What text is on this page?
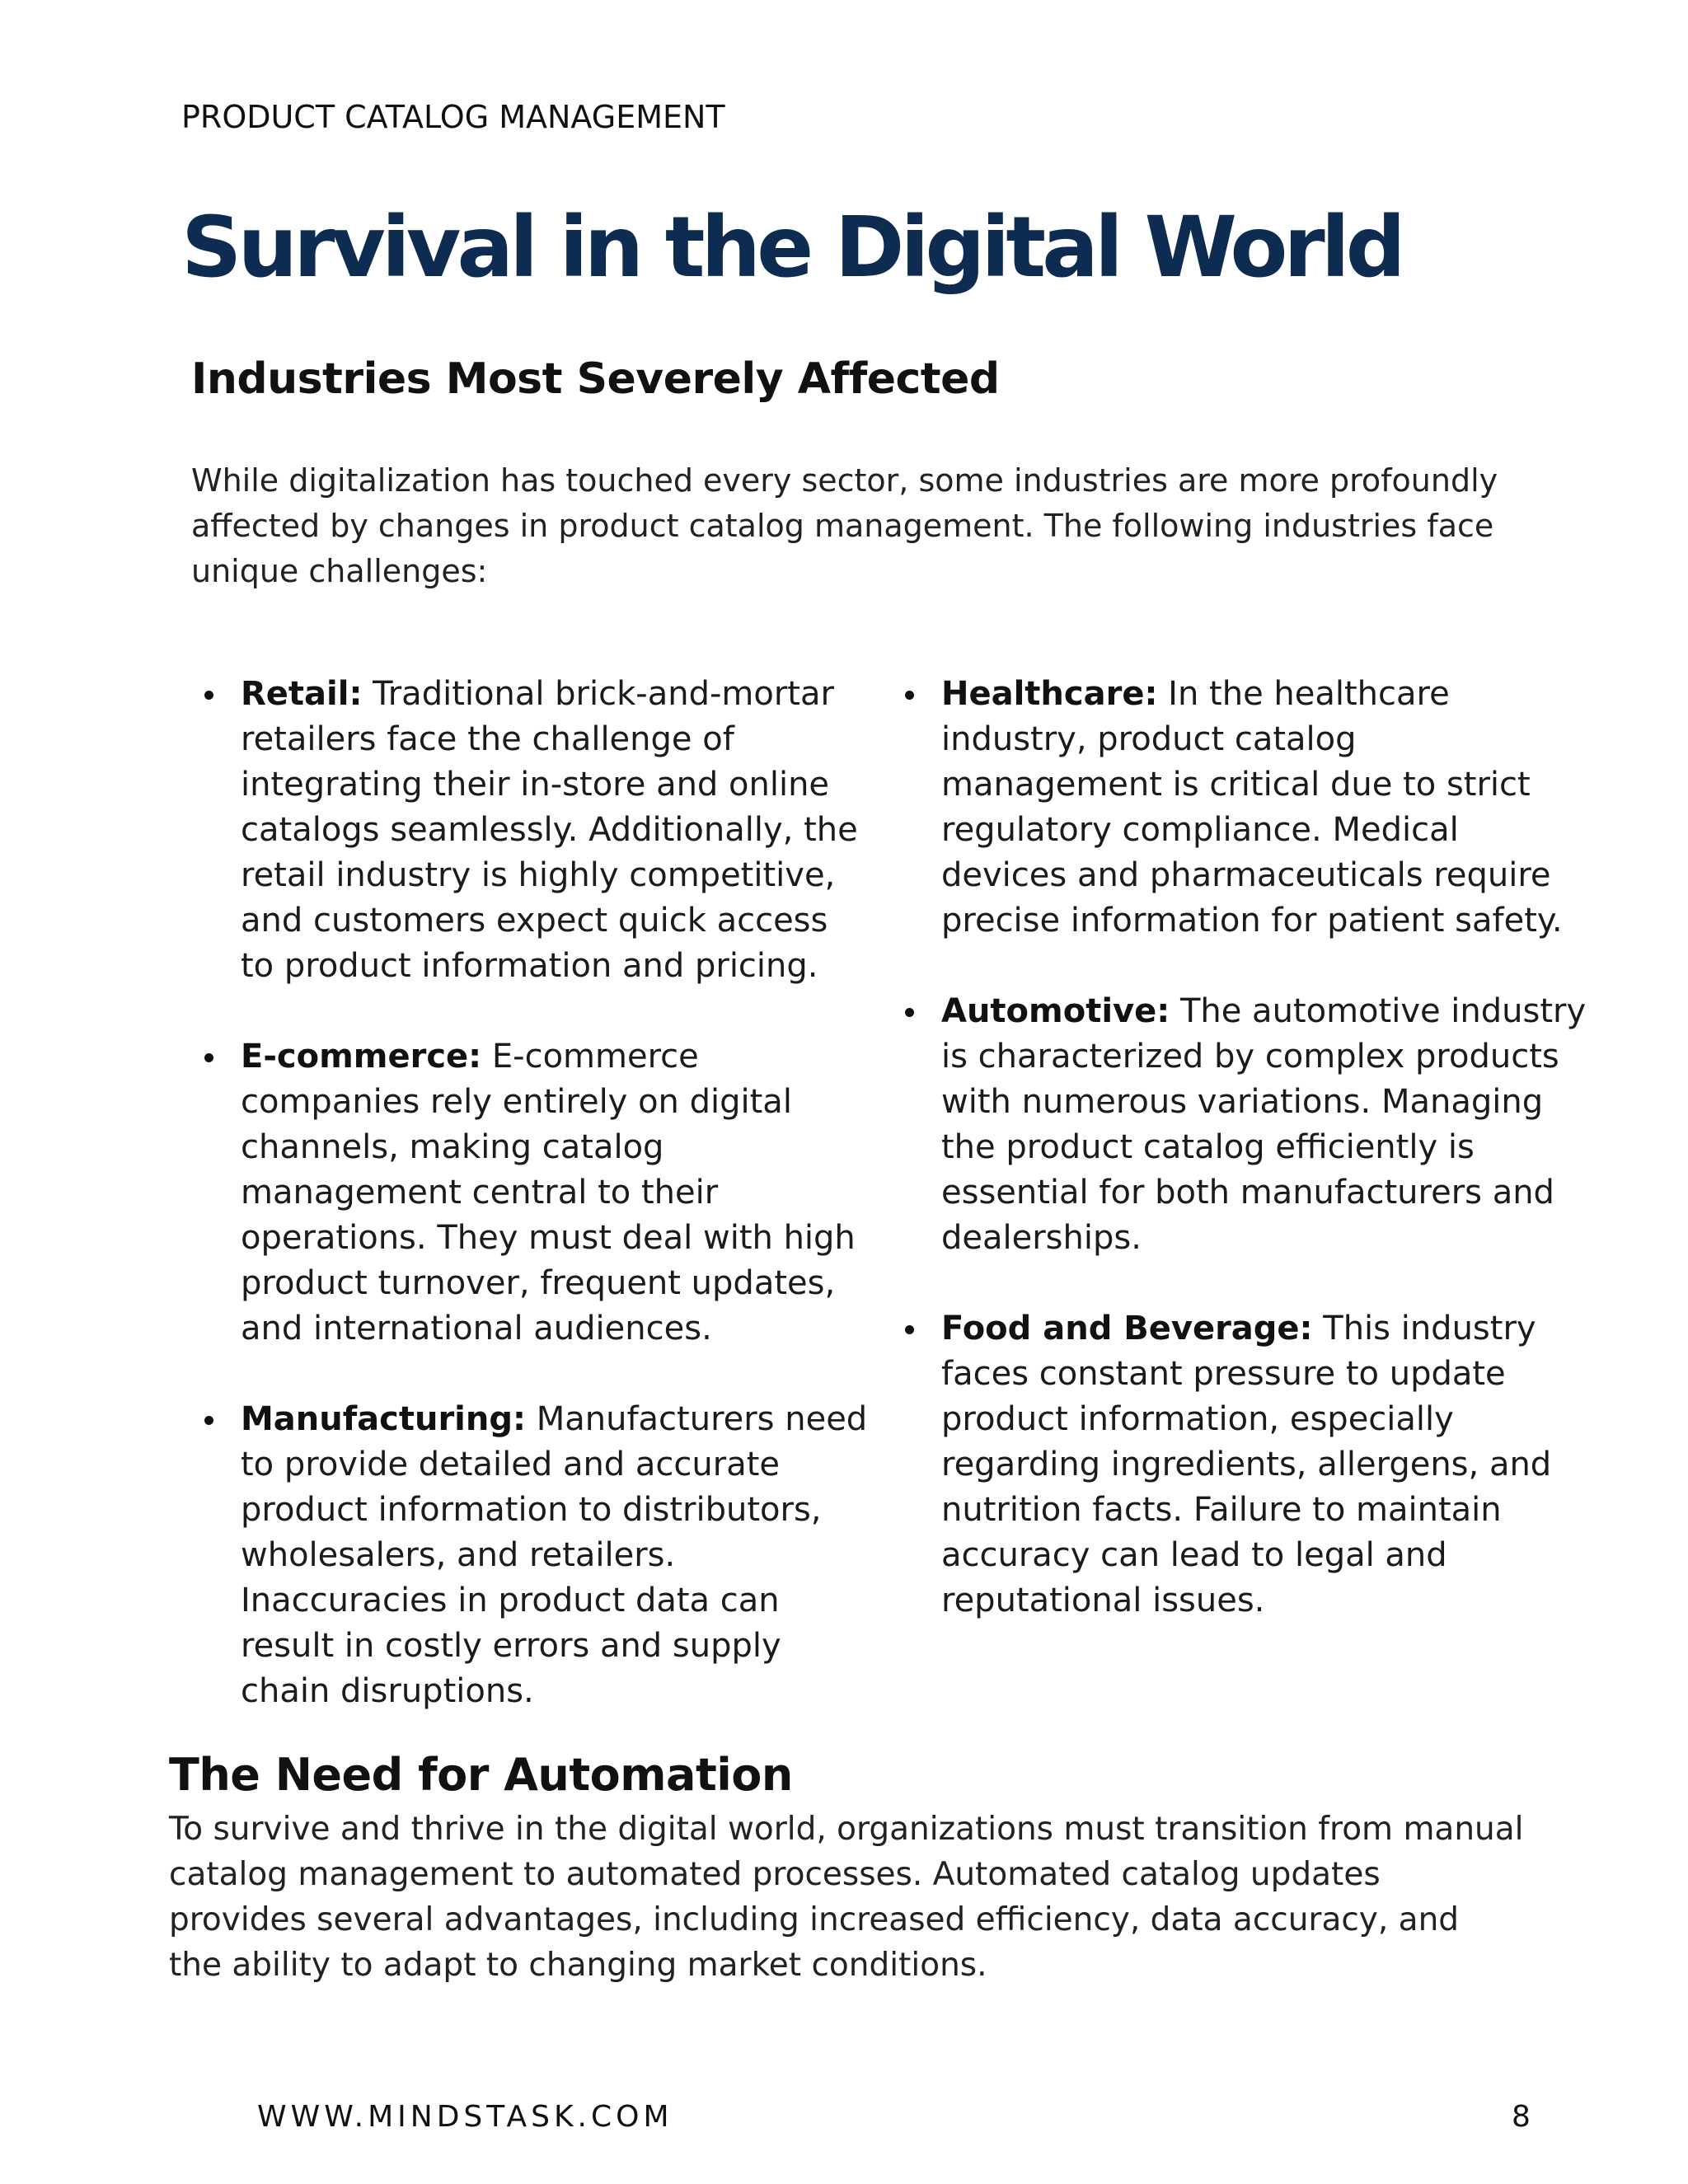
PRODUCT CATALOG MANAGEMENT
Survival in the Digital World
Industries Most Severely Affected
While digitalization has touched every sector, some industries are more profoundly
affected by changes in product catalog management. The following industries face
unique challenges:
Retail: Traditional brick-and-mortar
retailers face the challenge of
integrating their in-store and online
catalogs seamlessly. Additionally, the
retail industry is highly competitive,
and customers expect quick access
to product information and pricing.
E-commerce: E-commerce
companies rely entirely on digital
channels, making catalog
management central to their
operations. They must deal with high
product turnover, frequent updates,
and international audiences.
Manufacturing: Manufacturers need
to provide detailed and accurate
product information to distributors,
wholesalers, and retailers.
Inaccuracies in product data can
result in costly errors and supply
chain disruptions.
Healthcare: In the healthcare
industry, product catalog
management is critical due to strict
regulatory compliance. Medical
devices and pharmaceuticals require
precise information for patient safety.
Automotive: The automotive industry
is characterized by complex products
with numerous variations. Managing
the product catalog efficiently is
essential for both manufacturers and
dealerships.
Food and Beverage: This industry
faces constant pressure to update
product information, especially
regarding ingredients, allergens, and
nutrition facts. Failure to maintain
accuracy can lead to legal and
reputational issues.
The Need for Automation
To survive and thrive in the digital world, organizations must transition from manual
catalog management to automated processes. Automated catalog updates
provides several advantages, including increased efficiency, data accuracy, and
the ability to adapt to changing market conditions.
WWW.MINDSTASK.COM	8
